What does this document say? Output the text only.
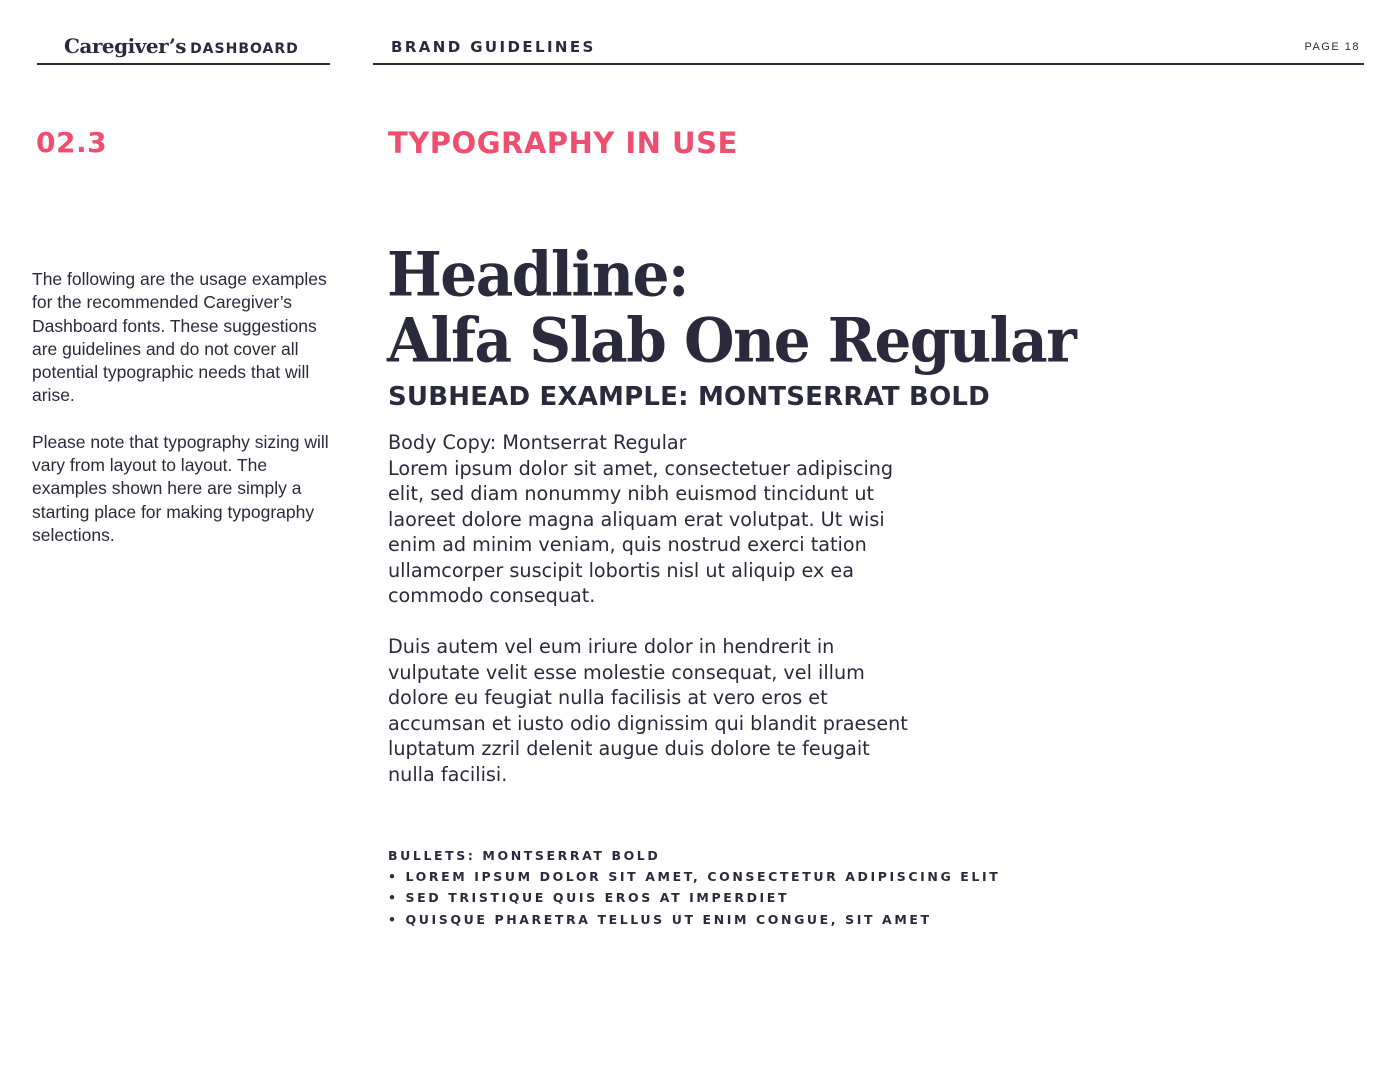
Caregiver’s DASHBOARD	BRAND GUIDELINES	PAGE 18
02.3	TYPOGRAPHY IN USE

The following are the usage examples for the recommended Caregiver’s Dashboard fonts. These suggestions are guidelines and do not cover all potential typographic needs that will arise.

Please note that typography sizing will vary from layout to layout. The examples shown here are simply a starting place for making typography selections.

Headline:
Alfa Slab One Regular
SUBHEAD EXAMPLE: MONTSERRAT BOLD

Body Copy: Montserrat Regular

Lorem ipsum dolor sit amet, consectetuer adipiscing elit, sed diam nonummy nibh euismod tincidunt ut laoreet dolore magna aliquam erat volutpat. Ut wisi enim ad minim veniam, quis nostrud exerci tation ullamcorper suscipit lobortis nisl ut aliquip ex ea commodo consequat.

Duis autem vel eum iriure dolor in hendrerit in vulputate velit esse molestie consequat, vel illum dolore eu feugiat nulla facilisis at vero eros et accumsan et iusto odio dignissim qui blandit praesent luptatum zzril delenit augue duis dolore te feugait nulla facilisi.

BULLETS: MONTSERRAT BOLD
• LOREM IPSUM DOLOR SIT AMET, CONSECTETUR ADIPISCING ELIT
• SED TRISTIQUE QUIS EROS AT IMPERDIET
• QUISQUE PHARETRA TELLUS UT ENIM CONGUE, SIT AMET
